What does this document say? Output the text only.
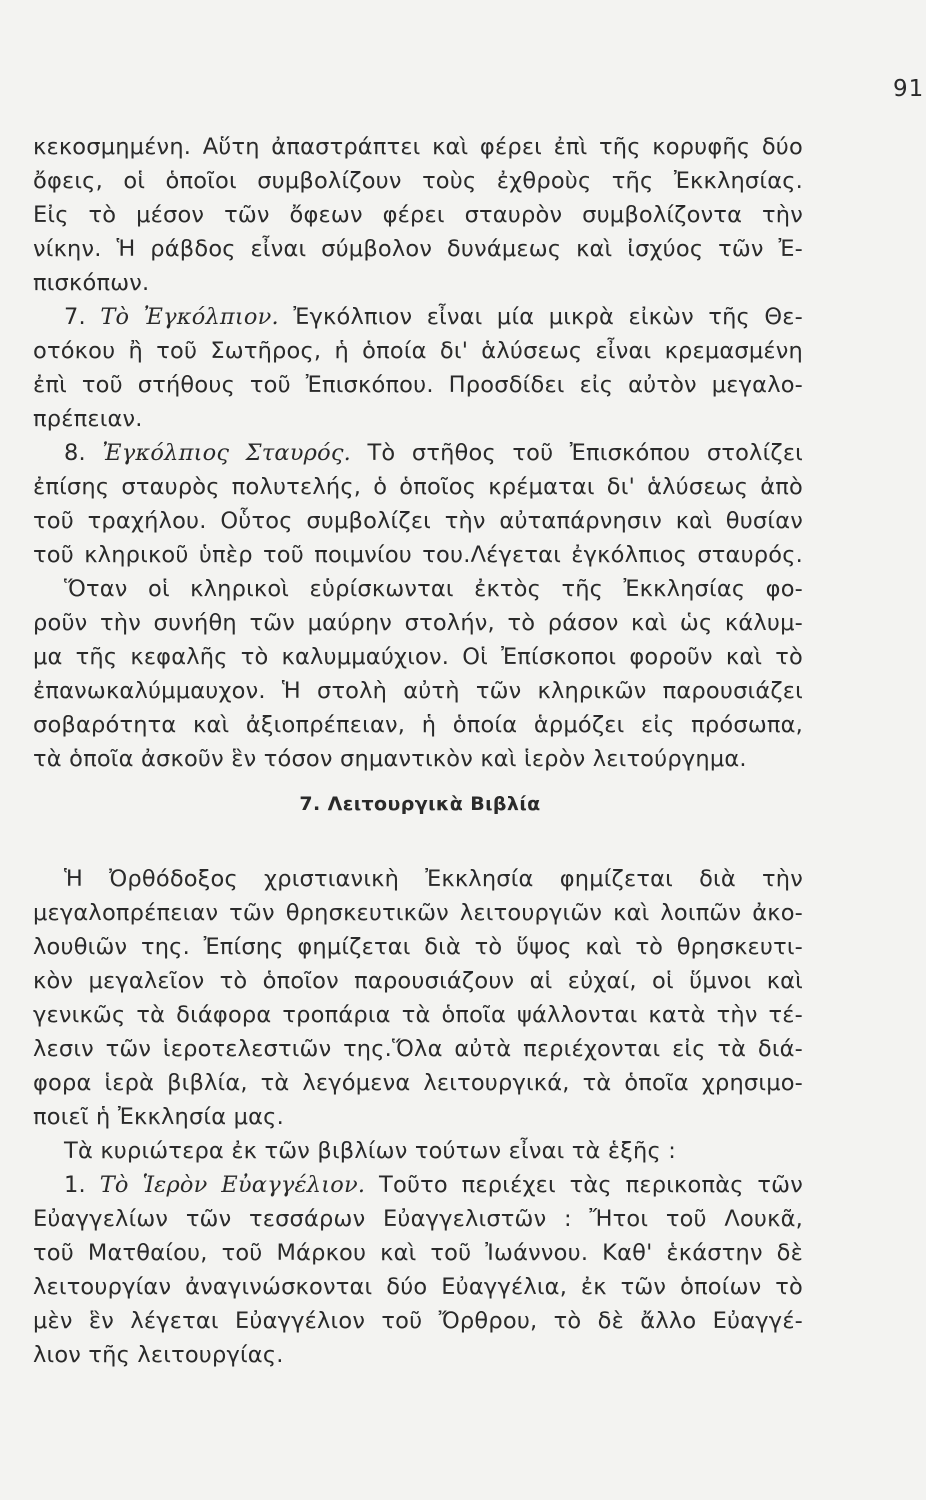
91
κεκοσμημένη. Αὕτη ἀπαστράπτει καὶ φέρει ἐπὶ τῆς κορυφῆς δύο
ὄφεις, οἱ ὁποῖοι συμβολίζουν τοὺς ἐχθροὺς τῆς Ἐκκλησίας.
Εἰς τὸ μέσον τῶν ὄφεων φέρει σταυρὸν συμβολίζοντα τὴν
νίκην. Ἡ ράβδος εἶναι σύμβολον δυνάμεως καὶ ἰσχύος τῶν Ἐ-
πισκόπων.
7. Τὸ Ἐγκόλπιον. Ἐγκόλπιον εἶναι μία μικρὰ εἰκὼν τῆς Θε-
οτόκου ἢ τοῦ Σωτῆρος, ἡ ὁποία δι' ἁλύσεως εἶναι κρεμασμένη
ἐπὶ τοῦ στήθους τοῦ Ἐπισκόπου. Προσδίδει εἰς αὐτὸν μεγαλο-
πρέπειαν.
8. Ἐγκόλπιος Σταυρός. Τὸ στῆθος τοῦ Ἐπισκόπου στολίζει
ἐπίσης σταυρὸς πολυτελής, ὁ ὁποῖος κρέμαται δι' ἁλύσεως ἀπὸ
τοῦ τραχήλου. Οὗτος συμβολίζει τὴν αὐταπάρνησιν καὶ θυσίαν
τοῦ κληρικοῦ ὑπὲρ τοῦ ποιμνίου του.Λέγεται ἐγκόλπιος σταυρός.
Ὅταν οἱ κληρικοὶ εὑρίσκωνται ἐκτὸς τῆς Ἐκκλησίας φο-
ροῦν τὴν συνήθη τῶν μαύρην στολήν, τὸ ράσον καὶ ὡς κάλυμ-
μα τῆς κεφαλῆς τὸ καλυμμαύχιον. Οἱ Ἐπίσκοποι φοροῦν καὶ τὸ
ἐπανωκαλύμμαυχον. Ἡ στολὴ αὐτὴ τῶν κληρικῶν παρουσιάζει
σοβαρότητα καὶ ἀξιοπρέπειαν, ἡ ὁποία ἁρμόζει εἰς πρόσωπα,
τὰ ὁποῖα ἀσκοῦν ἓν τόσον σημαντικὸν καὶ ἱερὸν λειτούργημα.
7. Λειτουργικὰ Βιβλία
Ἡ Ὀρθόδοξος χριστιανικὴ Ἐκκλησία φημίζεται διὰ τὴν
μεγαλοπρέπειαν τῶν θρησκευτικῶν λειτουργιῶν καὶ λοιπῶν ἀκο-
λουθιῶν της. Ἐπίσης φημίζεται διὰ τὸ ὕψος καὶ τὸ θρησκευτι-
κὸν μεγαλεῖον τὸ ὁποῖον παρουσιάζουν αἱ εὐχαί, οἱ ὕμνοι καὶ
γενικῶς τὰ διάφορα τροπάρια τὰ ὁποῖα ψάλλονται κατὰ τὴν τέ-
λεσιν τῶν ἱεροτελεστιῶν της.Ὅλα αὐτὰ περιέχονται εἰς τὰ διά-
φορα ἱερὰ βιβλία, τὰ λεγόμενα λειτουργικά, τὰ ὁποῖα χρησιμο-
ποιεῖ ἡ Ἐκκλησία μας.
Τὰ κυριώτερα ἐκ τῶν βιβλίων τούτων εἶναι τὰ ἑξῆς :
1. Τὸ Ἱερὸν Εὐαγγέλιον. Τοῦτο περιέχει τὰς περικοπὰς τῶν
Εὐαγγελίων τῶν τεσσάρων Εὐαγγελιστῶν : Ἤτοι τοῦ Λουκᾶ,
τοῦ Ματθαίου, τοῦ Μάρκου καὶ τοῦ Ἰωάννου. Καθ' ἑκάστην δὲ
λειτουργίαν ἀναγινώσκονται δύο Εὐαγγέλια, ἐκ τῶν ὁποίων τὸ
μὲν ἓν λέγεται Εὐαγγέλιον τοῦ Ὄρθρου, τὸ δὲ ἄλλο Εὐαγγέ-
λιον τῆς λειτουργίας.
